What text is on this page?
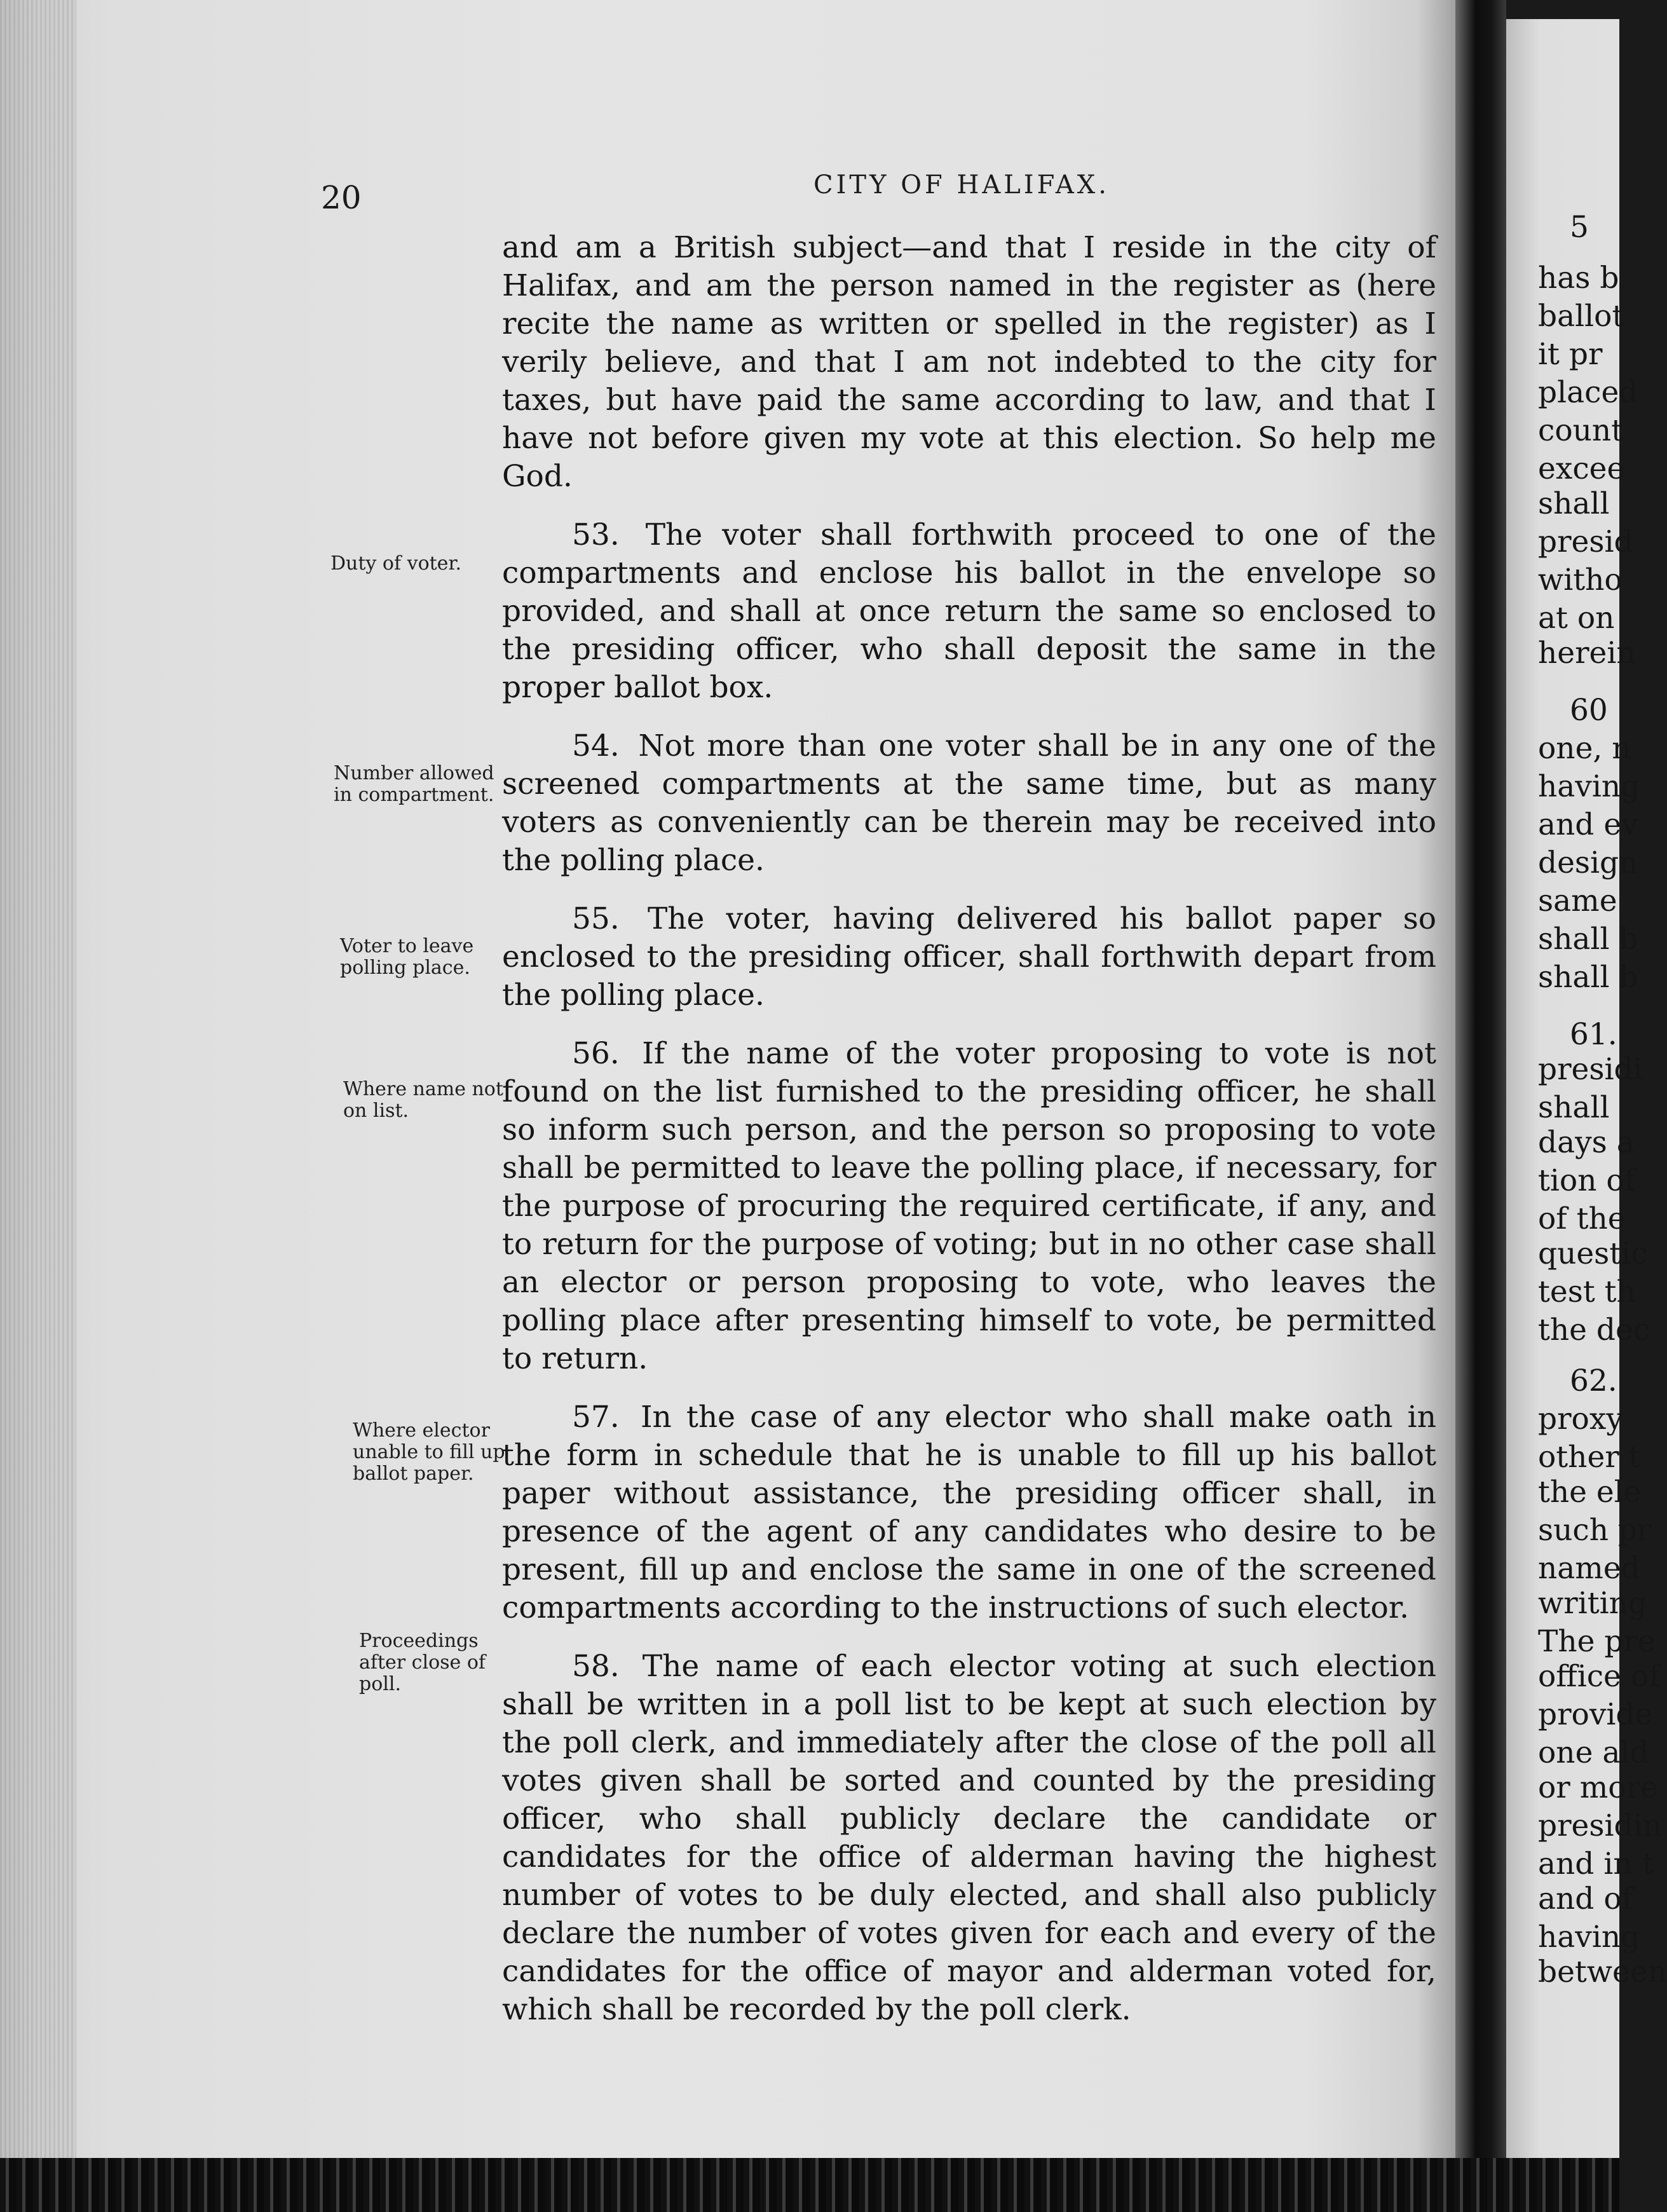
20	CITY OF HALIFAX.

and am a British subject—and that I reside in the city of Halifax, and am the person named in the register as (here recite the name as written or spelled in the register) as I verily believe, and that I am not indebted to the city for taxes, but have paid the same according to law, and that I have not before given my vote at this election. So help me God.

53. The voter shall forthwith proceed to one of the compartments and enclose his ballot in the envelope so provided, and shall at once return the same so enclosed to the presiding officer, who shall deposit the same in the proper ballot box.

54. Not more than one voter shall be in any one of the screened compartments at the same time, but as many voters as conveniently can be therein may be received into the polling place.

55. The voter, having delivered his ballot paper so enclosed to the presiding officer, shall forthwith depart from the polling place.

56. If the name of the voter proposing to vote is not found on the list furnished to the presiding officer, he shall so inform such person, and the person so proposing to vote shall be permitted to leave the polling place, if necessary, for the purpose of procuring the required certificate, if any, and to return for the purpose of voting; but in no other case shall an elector or person proposing to vote, who leaves the polling place after presenting himself to vote, be permitted to return.

57. In the case of any elector who shall make oath in the form in schedule that he is unable to fill up his ballot paper without assistance, the presiding officer shall, in presence of the agent of any candidates who desire to be present, fill up and enclose the same in one of the screened compartments according to the instructions of such elector.

58. The name of each elector voting at such election shall be written in a poll list to be kept at such election by the poll clerk, and immediately after the close of the poll all votes given shall be sorted and counted by the presiding officer, who shall publicly declare the candidate or candidates for the office of alderman having the highest number of votes to be duly elected, and shall also publicly declare the number of votes given for each and every of the candidates for the office of mayor and alderman voted for, which shall be recorded by the poll clerk.

Duty of voter.
Number allowed in compartment.
Voter to leave polling place.
Where name not on list.
Where elector unable to fill up ballot paper.
Proceedings after close of poll.
5
has b
ballot
it pr
placed
count
excee
shall
presid
witho
at on
herein
60
one, n
having
and ev
design
same
shall b
shall b
61.
presidi
shall
days a
tion of
of the
questic
test th
the dec
62.
proxy
other t
the ele
such pr
named
writing
The pre
office of
provide
one ald
or more
presidin
and in t
and of
having
between
